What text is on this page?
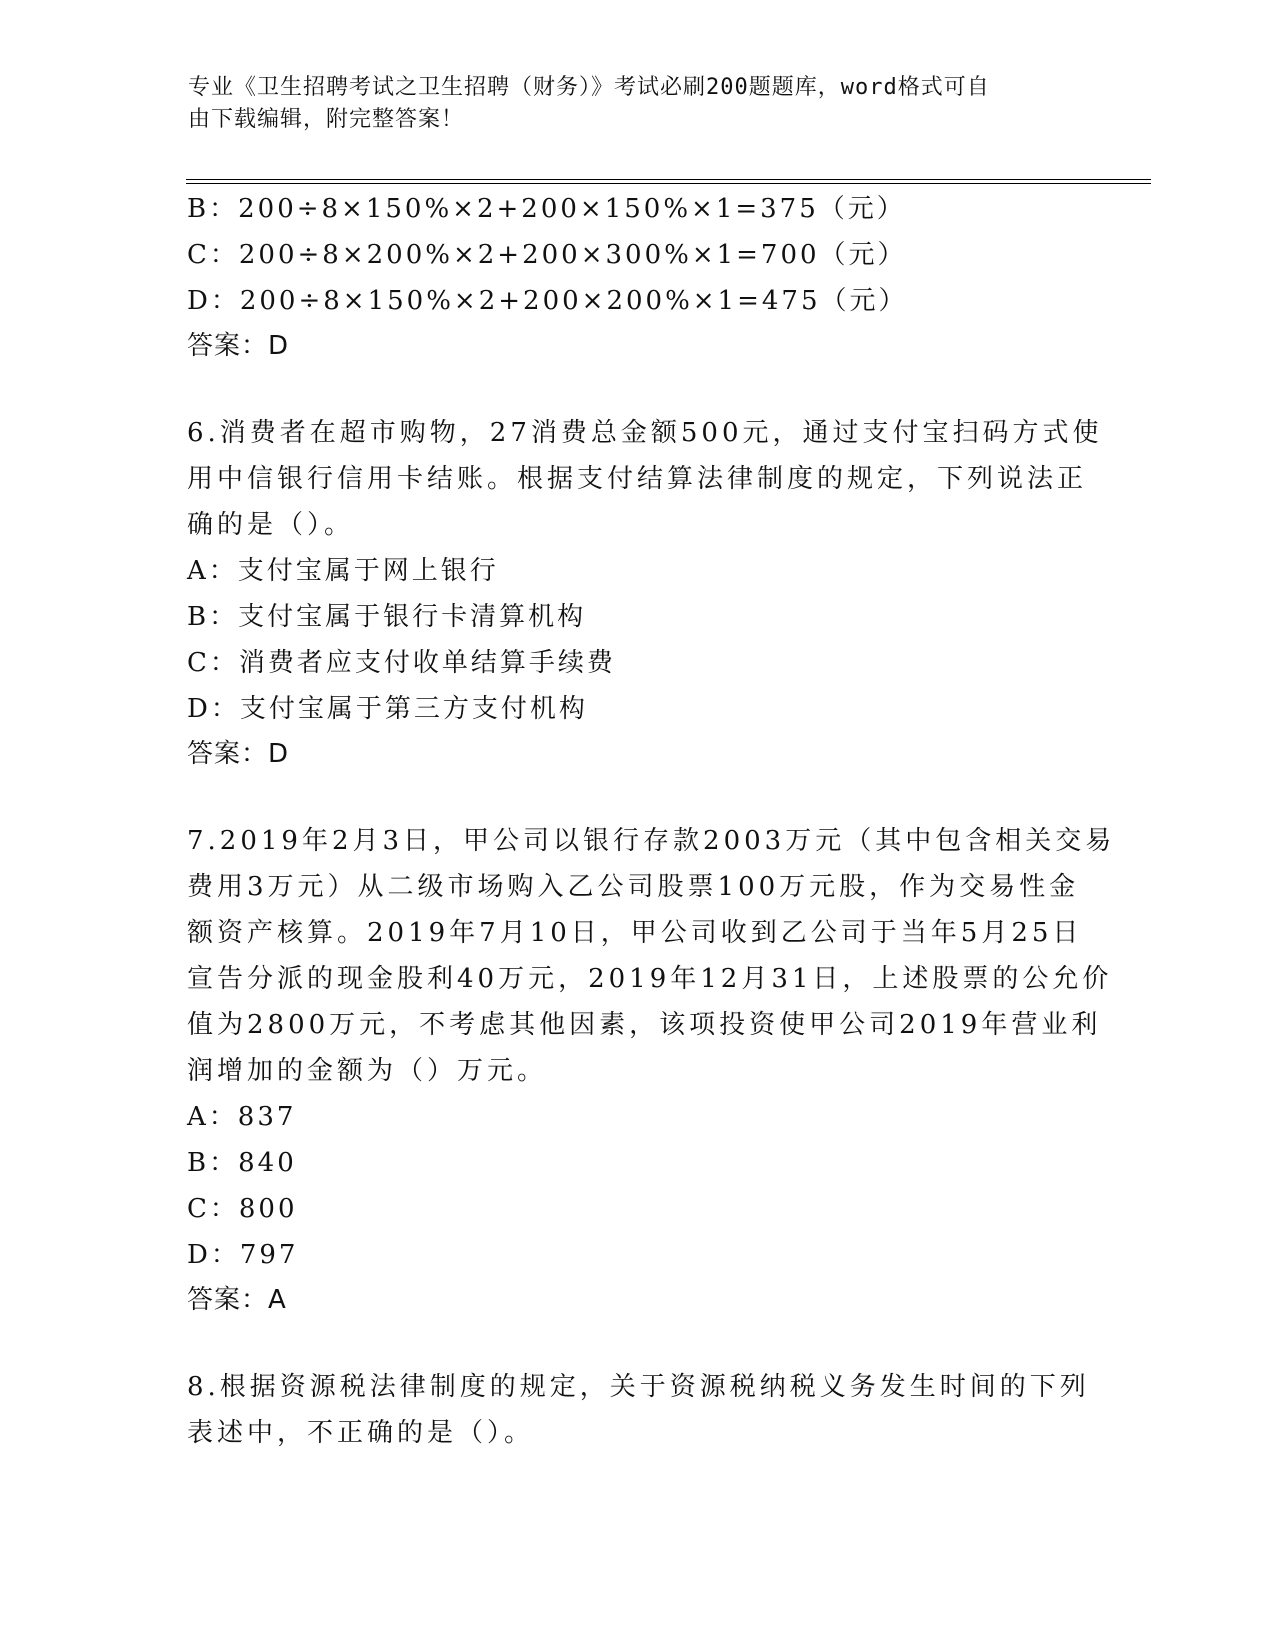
专业《卫生招聘考试之卫生招聘（财务）》考试必刷200题题库，word格式可自
由下载编辑，附完整答案！
B：200÷8×150%×2+200×150%×1=375（元）
C：200÷8×200%×2+200×300%×1=700（元）
D：200÷8×150%×2+200×200%×1=475（元）
答案：D
6.消费者在超市购物，27消费总金额500元，通过支付宝扫码方式使
用中信银行信用卡结账。根据支付结算法律制度的规定，下列说法正
确的是（）。
A：支付宝属于网上银行
B：支付宝属于银行卡清算机构
C：消费者应支付收单结算手续费
D：支付宝属于第三方支付机构
答案：D
7.2019年2月3日，甲公司以银行存款2003万元（其中包含相关交易
费用3万元）从二级市场购入乙公司股票100万元股，作为交易性金
额资产核算。2019年7月10日，甲公司收到乙公司于当年5月25日
宣告分派的现金股利40万元，2019年12月31日，上述股票的公允价
值为2800万元，不考虑其他因素，该项投资使甲公司2019年营业利
润增加的金额为（）万元。
A：837
B：840
C：800
D：797
答案：A
8.根据资源税法律制度的规定，关于资源税纳税义务发生时间的下列
表述中，不正确的是（）。
